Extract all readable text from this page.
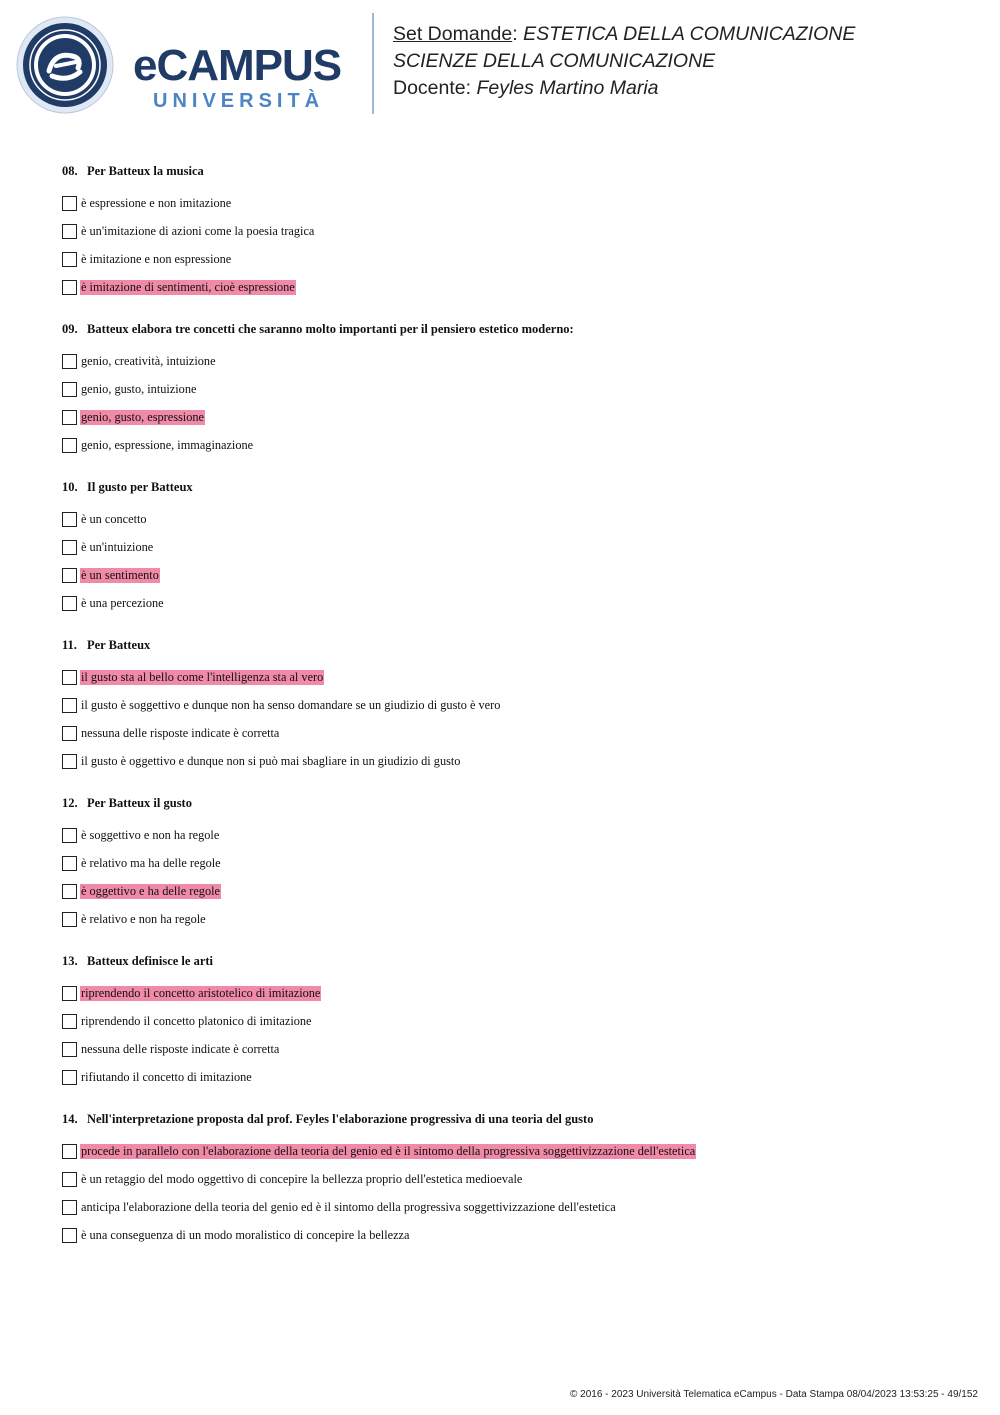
eCAMPUS
UNIVERSITÀ
Set Domande: ESTETICA DELLA COMUNICAZIONE
SCIENZE DELLA COMUNICAZIONE
Docente: Feyles Martino Maria
08. Per Batteux la musica
è espressione e non imitazione
è un'imitazione di azioni come la poesia tragica
è imitazione e non espressione
è imitazione di sentimenti, cioè espressione
09. Batteux elabora tre concetti che saranno molto importanti per il pensiero estetico moderno:
genio, creatività, intuizione
genio, gusto, intuizione
genio, gusto, espressione
genio, espressione, immaginazione
10. Il gusto per Batteux
è un concetto
è un'intuizione
è un sentimento
è una percezione
11. Per Batteux
il gusto sta al bello come l'intelligenza sta al vero
il gusto è soggettivo e dunque non ha senso domandare se un giudizio di gusto è vero
nessuna delle risposte indicate è corretta
il gusto è oggettivo e dunque non si può mai sbagliare in un giudizio di gusto
12. Per Batteux il gusto
è soggettivo e non ha regole
è relativo ma ha delle regole
è oggettivo e ha delle regole
è relativo e non ha regole
13. Batteux definisce le arti
riprendendo il concetto aristotelico di imitazione
riprendendo il concetto platonico di imitazione
nessuna delle risposte indicate è corretta
rifiutando il concetto di imitazione
14. Nell'interpretazione proposta dal prof. Feyles l'elaborazione progressiva di una teoria del gusto
procede in parallelo con l'elaborazione della teoria del genio ed è il sintomo della progressiva soggettivizzazione dell'estetica
è un retaggio del modo oggettivo di concepire la bellezza proprio dell'estetica medioevale
anticipa l'elaborazione della teoria del genio ed è il sintomo della progressiva soggettivizzazione dell'estetica
è una conseguenza di un modo moralistico di concepire la bellezza
© 2016 - 2023 Università Telematica eCampus - Data Stampa 08/04/2023 13:53:25 - 49/152
